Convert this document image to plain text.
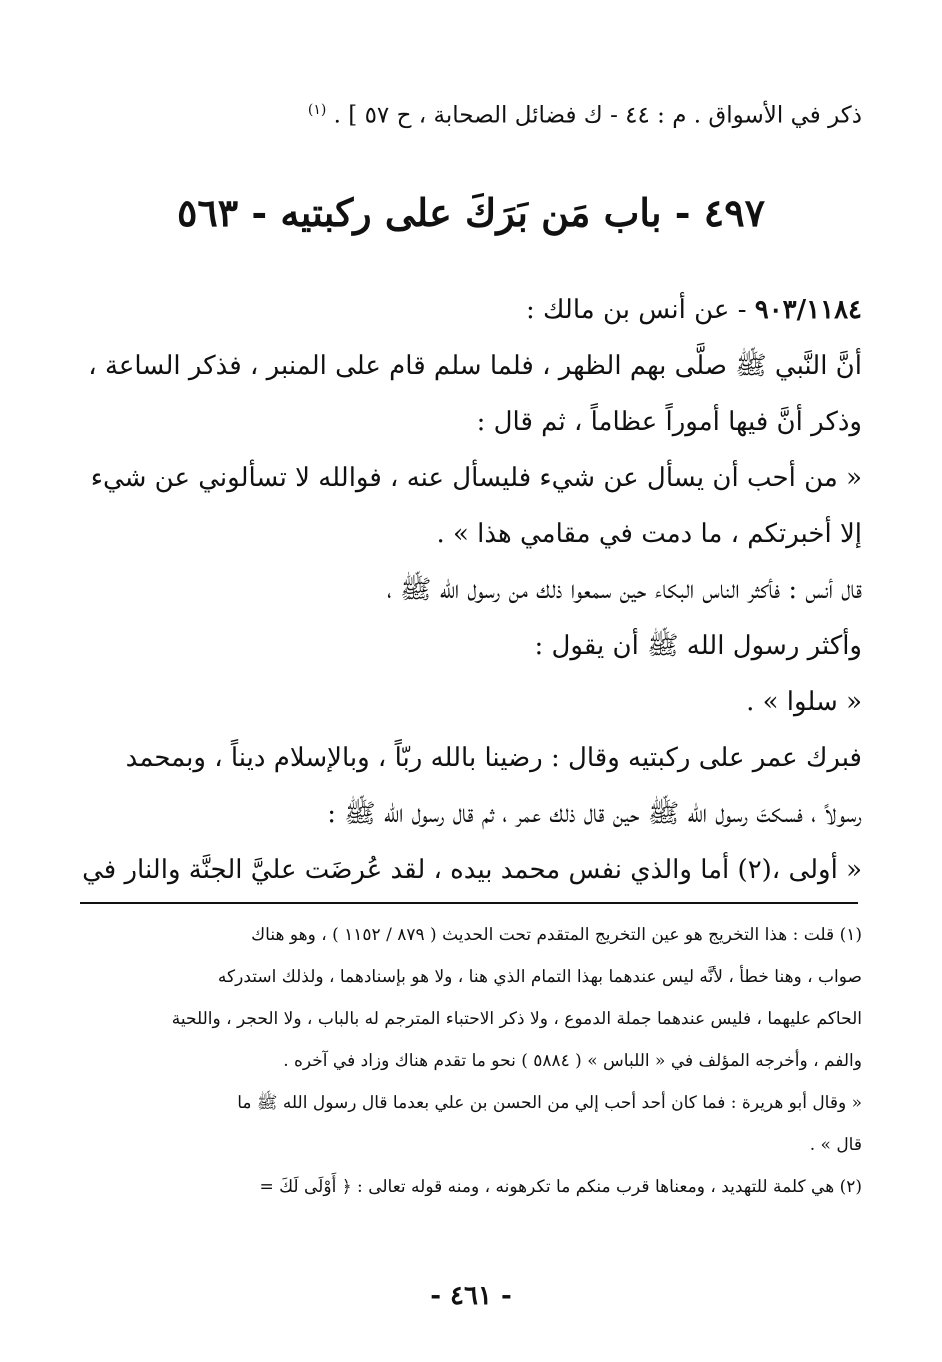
ذكر في الأسواق . م : ٤٤ - ك فضائل الصحابة ، ح ٥٧ ] . $^{(١)}$
٤٩٧ - باب مَن بَرَكَ على ركبتيه - ٥٦٣

٩٠٣/١١٨٤ - عن أنس بن مالك :

أنَّ النَّبي ﷺ صلَّى بهم الظهر ، فلما سلم قام على المنبر ، فذكر الساعة ،

وذكر أنَّ فيها أموراً عظاماً ، ثم قال :

« من أحب أن يسأل عن شيء فليسأل عنه ، فوالله لا تسألوني عن شيء

إلا أخبرتكم ، ما دمت في مقامي هذا » .

قال أنس : فأكثر الناس البكاء حين سمعوا ذلك من رسول الله ﷺ ،

وأكثر رسول الله ﷺ أن يقول :

« سلوا » .

فبرك عمر على ركبتيه وقال : رضينا بالله ربّاً ، وبالإسلام ديناً ، وبمحمد

رسولاً ، فسكتَ رسول الله ﷺ حين قال ذلك عمر ، ثم قال رسول الله ﷺ :

« أولى ،(٢) أما والذي نفس محمد بيده ، لقد عُرضَت عليَّ الجنَّة والنار في

(١) قلت : هذا التخريج هو عين التخريج المتقدم تحت الحديث ( ٨٧٩ / ١١٥٢ ) ، وهو هناك

صواب ، وهنا خطأ ، لأنَّه ليس عندهما بهذا التمام الذي هنا ، ولا هو بإسنادهما ، ولذلك استدركه

الحاكم عليهما ، فليس عندهما جملة الدموع ، ولا ذكر الاحتباء المترجم له بالباب ، ولا الحجر ، واللحية

والفم ، وأخرجه المؤلف في « اللباس » ( ٥٨٨٤ ) نحو ما تقدم هناك وزاد في آخره .

« وقال أبو هريرة : فما كان أحد أحب إلي من الحسن بن علي بعدما قال رسول الله ﷺ ما

قال » .

(٢) هي كلمة للتهديد ، ومعناها قرب منكم ما تكرهونه ، ومنه قوله تعالى : ﴿ أَوْلَى لَكَ =

- ٤٦١ -
